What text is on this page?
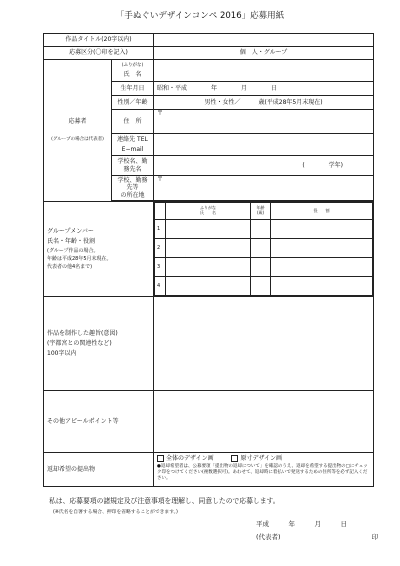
「手ぬぐいデザインコンペ 2016」応募用紙
作品タイトル(20字以内)	
応募区分(〇印を記入)	個　人・グループ

応募者
(グループの場合は代表者)

(ふりがな)
氏　名

生年月日	昭和・平成　　　　年　　　　月　　　　日
性別／年齢	男性・女性／　　　歳(平成28年5月末現在)
住　所	〒

連絡先 TEL
E−mail

学校名、勤務先名	(　　　　学年)

学校、勤務先等
の所在地
	〒

グループメンバー
氏名・年齢・役割
(グループ作品の場合。
年齢は平成28年5月末現在。
代表者の他4名まで)

ふりがな
氏　　名
	年齢(歳)	役　　割
1			
2			
3			
4			

作品を制作した趣旨(意図)
(宇都宮との関連性など)
100字以内

その他アピールポイント等	
返却希望の提出物	
全体のデザイン画	原寸デザイン画
●返却希望者は、公募要項「提出物の返却について」を確認のうえ、返却を希望する提出物の□にチェック印をつけてください(複数選択可)。あわせて、返却時に着払いで発送するための住所等を必ず記入ください。
私は、応募要項の諸規定及び注意事項を理解し、同意したので応募します。
(※氏名を自署する場合、押印を省略することができます。)
平成　　　年　　　月　　　日
(代表者)　　　　　　　　　　　　　　印
